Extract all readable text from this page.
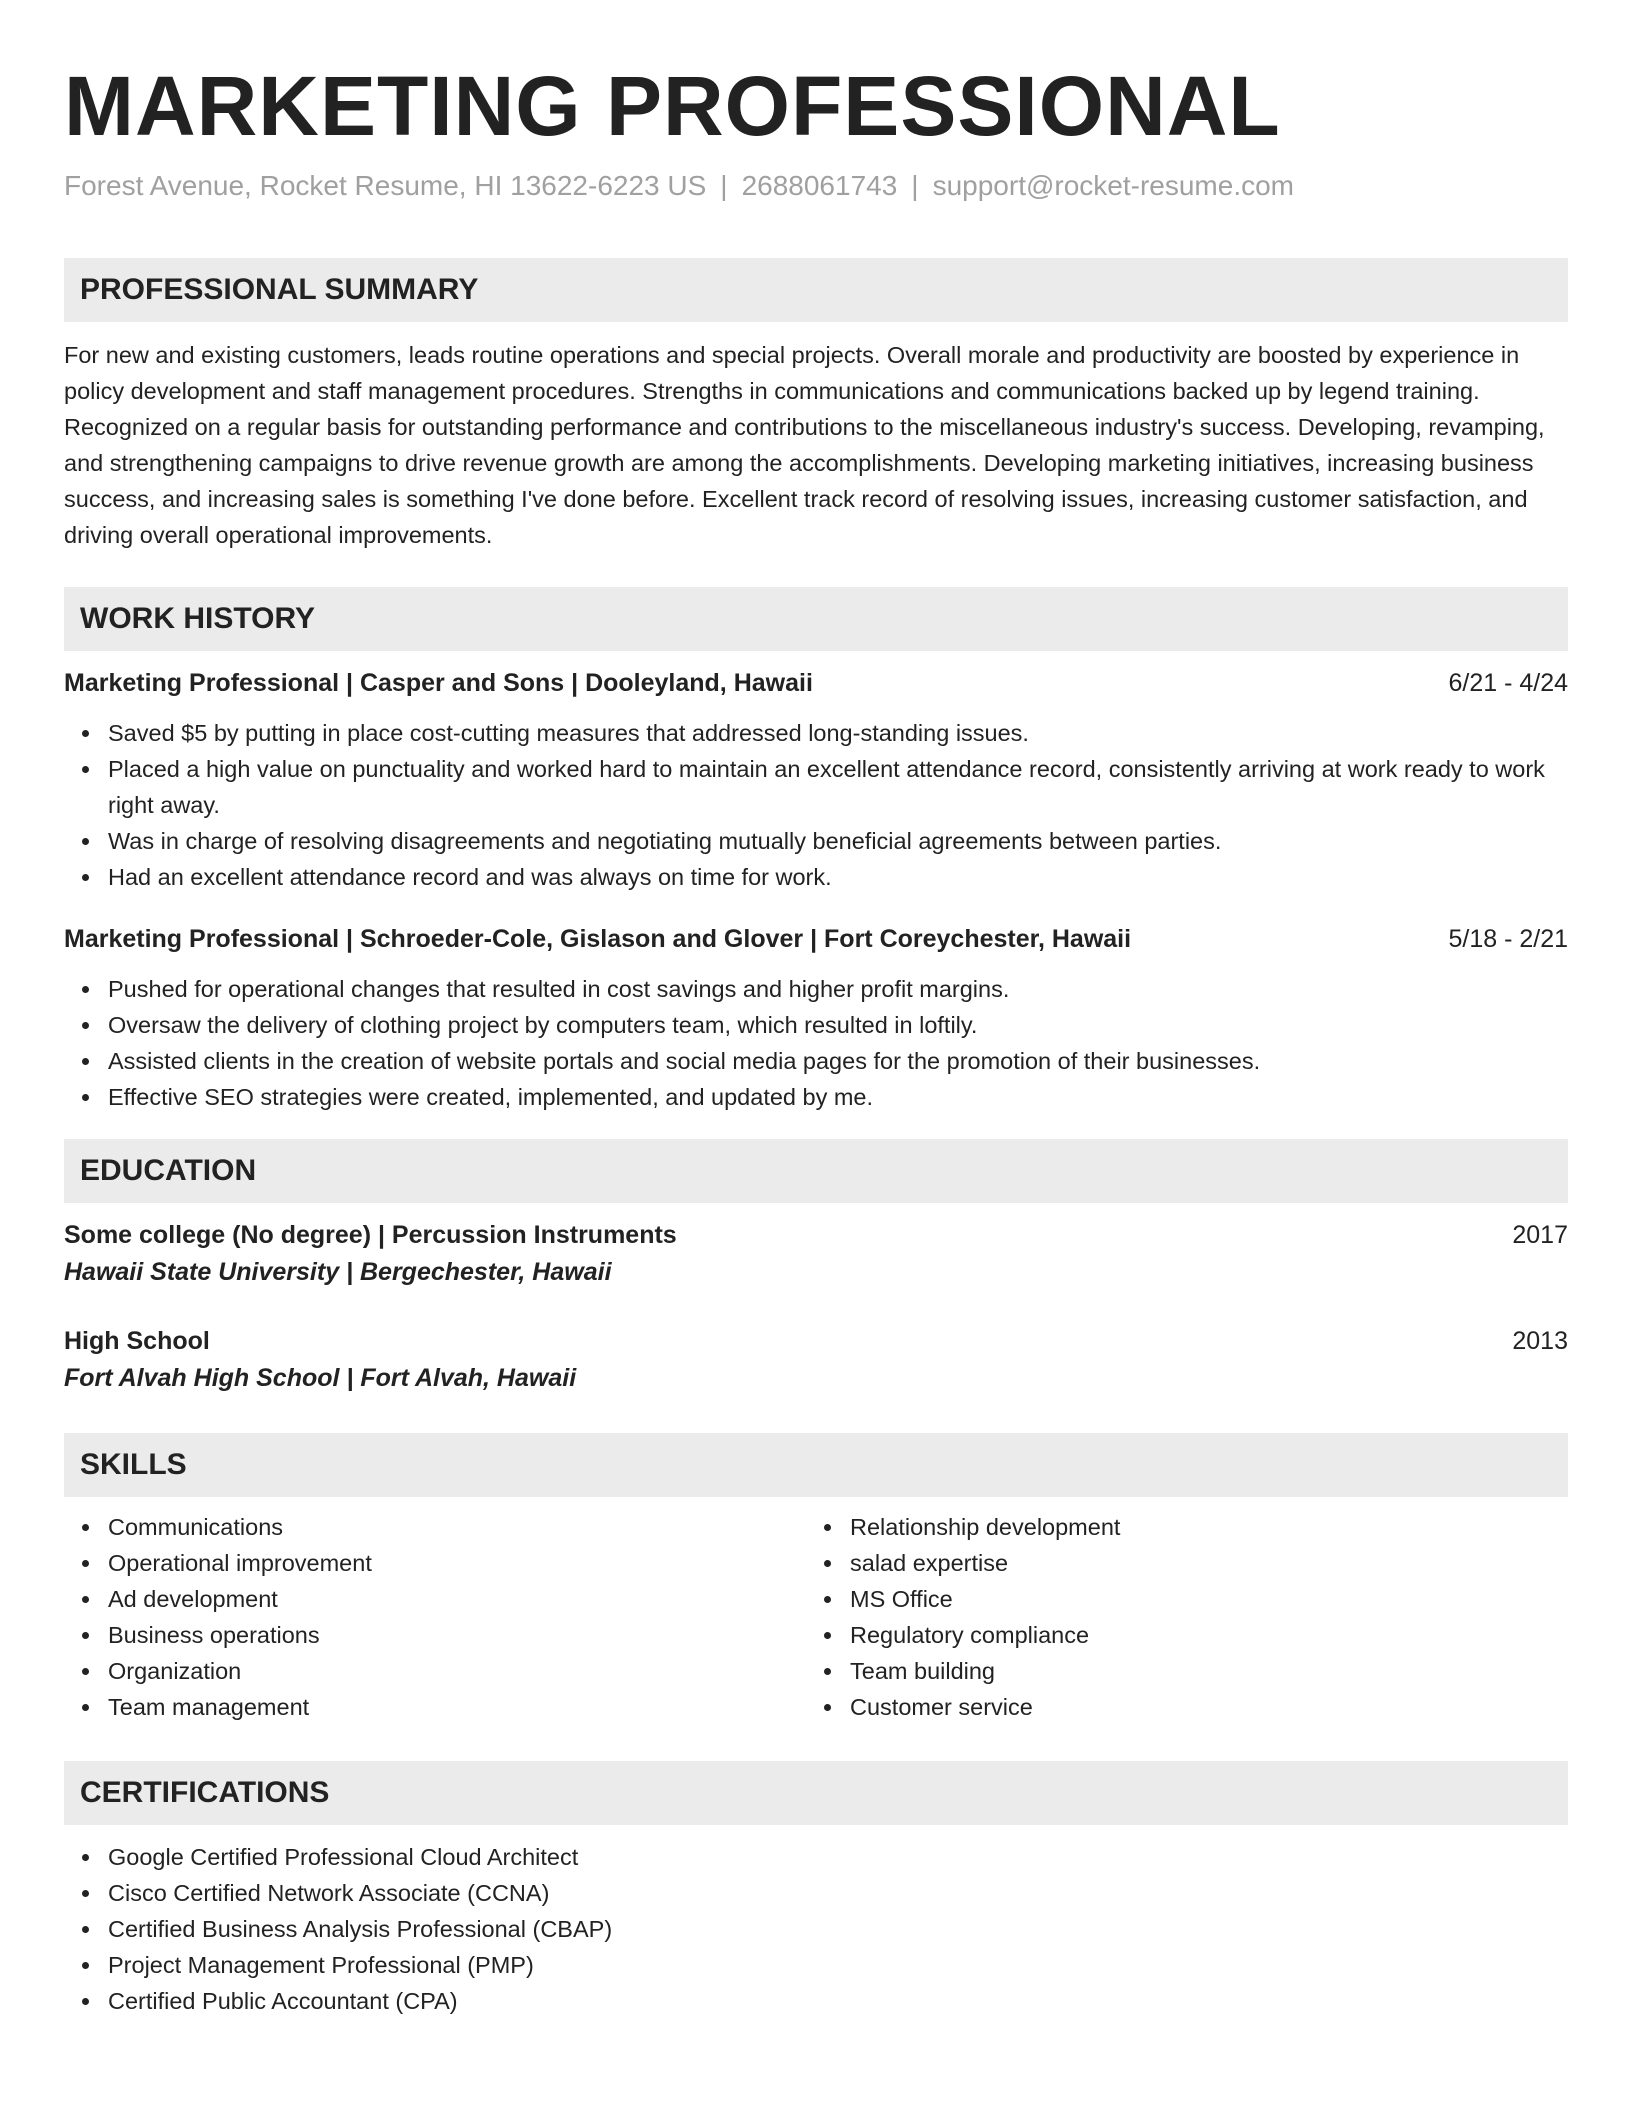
MARKETING PROFESSIONAL
Forest Avenue, Rocket Resume, HI 13622-6223 US | 2688061743 | support@rocket-resume.com
PROFESSIONAL SUMMARY
For new and existing customers, leads routine operations and special projects. Overall morale and productivity are boosted by experience in policy development and staff management procedures. Strengths in communications and communications backed up by legend training. Recognized on a regular basis for outstanding performance and contributions to the miscellaneous industry's success. Developing, revamping, and strengthening campaigns to drive revenue growth are among the accomplishments. Developing marketing initiatives, increasing business success, and increasing sales is something I've done before. Excellent track record of resolving issues, increasing customer satisfaction, and driving overall operational improvements.
WORK HISTORY
Marketing Professional | Casper and Sons | Dooleyland, Hawaii	6/21 - 4/24
Saved $5 by putting in place cost-cutting measures that addressed long-standing issues.
Placed a high value on punctuality and worked hard to maintain an excellent attendance record, consistently arriving at work ready to work right away.
Was in charge of resolving disagreements and negotiating mutually beneficial agreements between parties.
Had an excellent attendance record and was always on time for work.
Marketing Professional | Schroeder-Cole, Gislason and Glover | Fort Coreychester, Hawaii	5/18 - 2/21
Pushed for operational changes that resulted in cost savings and higher profit margins.
Oversaw the delivery of clothing project by computers team, which resulted in loftily.
Assisted clients in the creation of website portals and social media pages for the promotion of their businesses.
Effective SEO strategies were created, implemented, and updated by me.
EDUCATION
Some college (No degree) | Percussion Instruments	2017
Hawaii State University | Bergechester, Hawaii
High School	2013
Fort Alvah High School | Fort Alvah, Hawaii
SKILLS
Communications
Operational improvement
Ad development
Business operations
Organization
Team management
Relationship development
salad expertise
MS Office
Regulatory compliance
Team building
Customer service
CERTIFICATIONS
Google Certified Professional Cloud Architect
Cisco Certified Network Associate (CCNA)
Certified Business Analysis Professional (CBAP)
Project Management Professional (PMP)
Certified Public Accountant (CPA)
